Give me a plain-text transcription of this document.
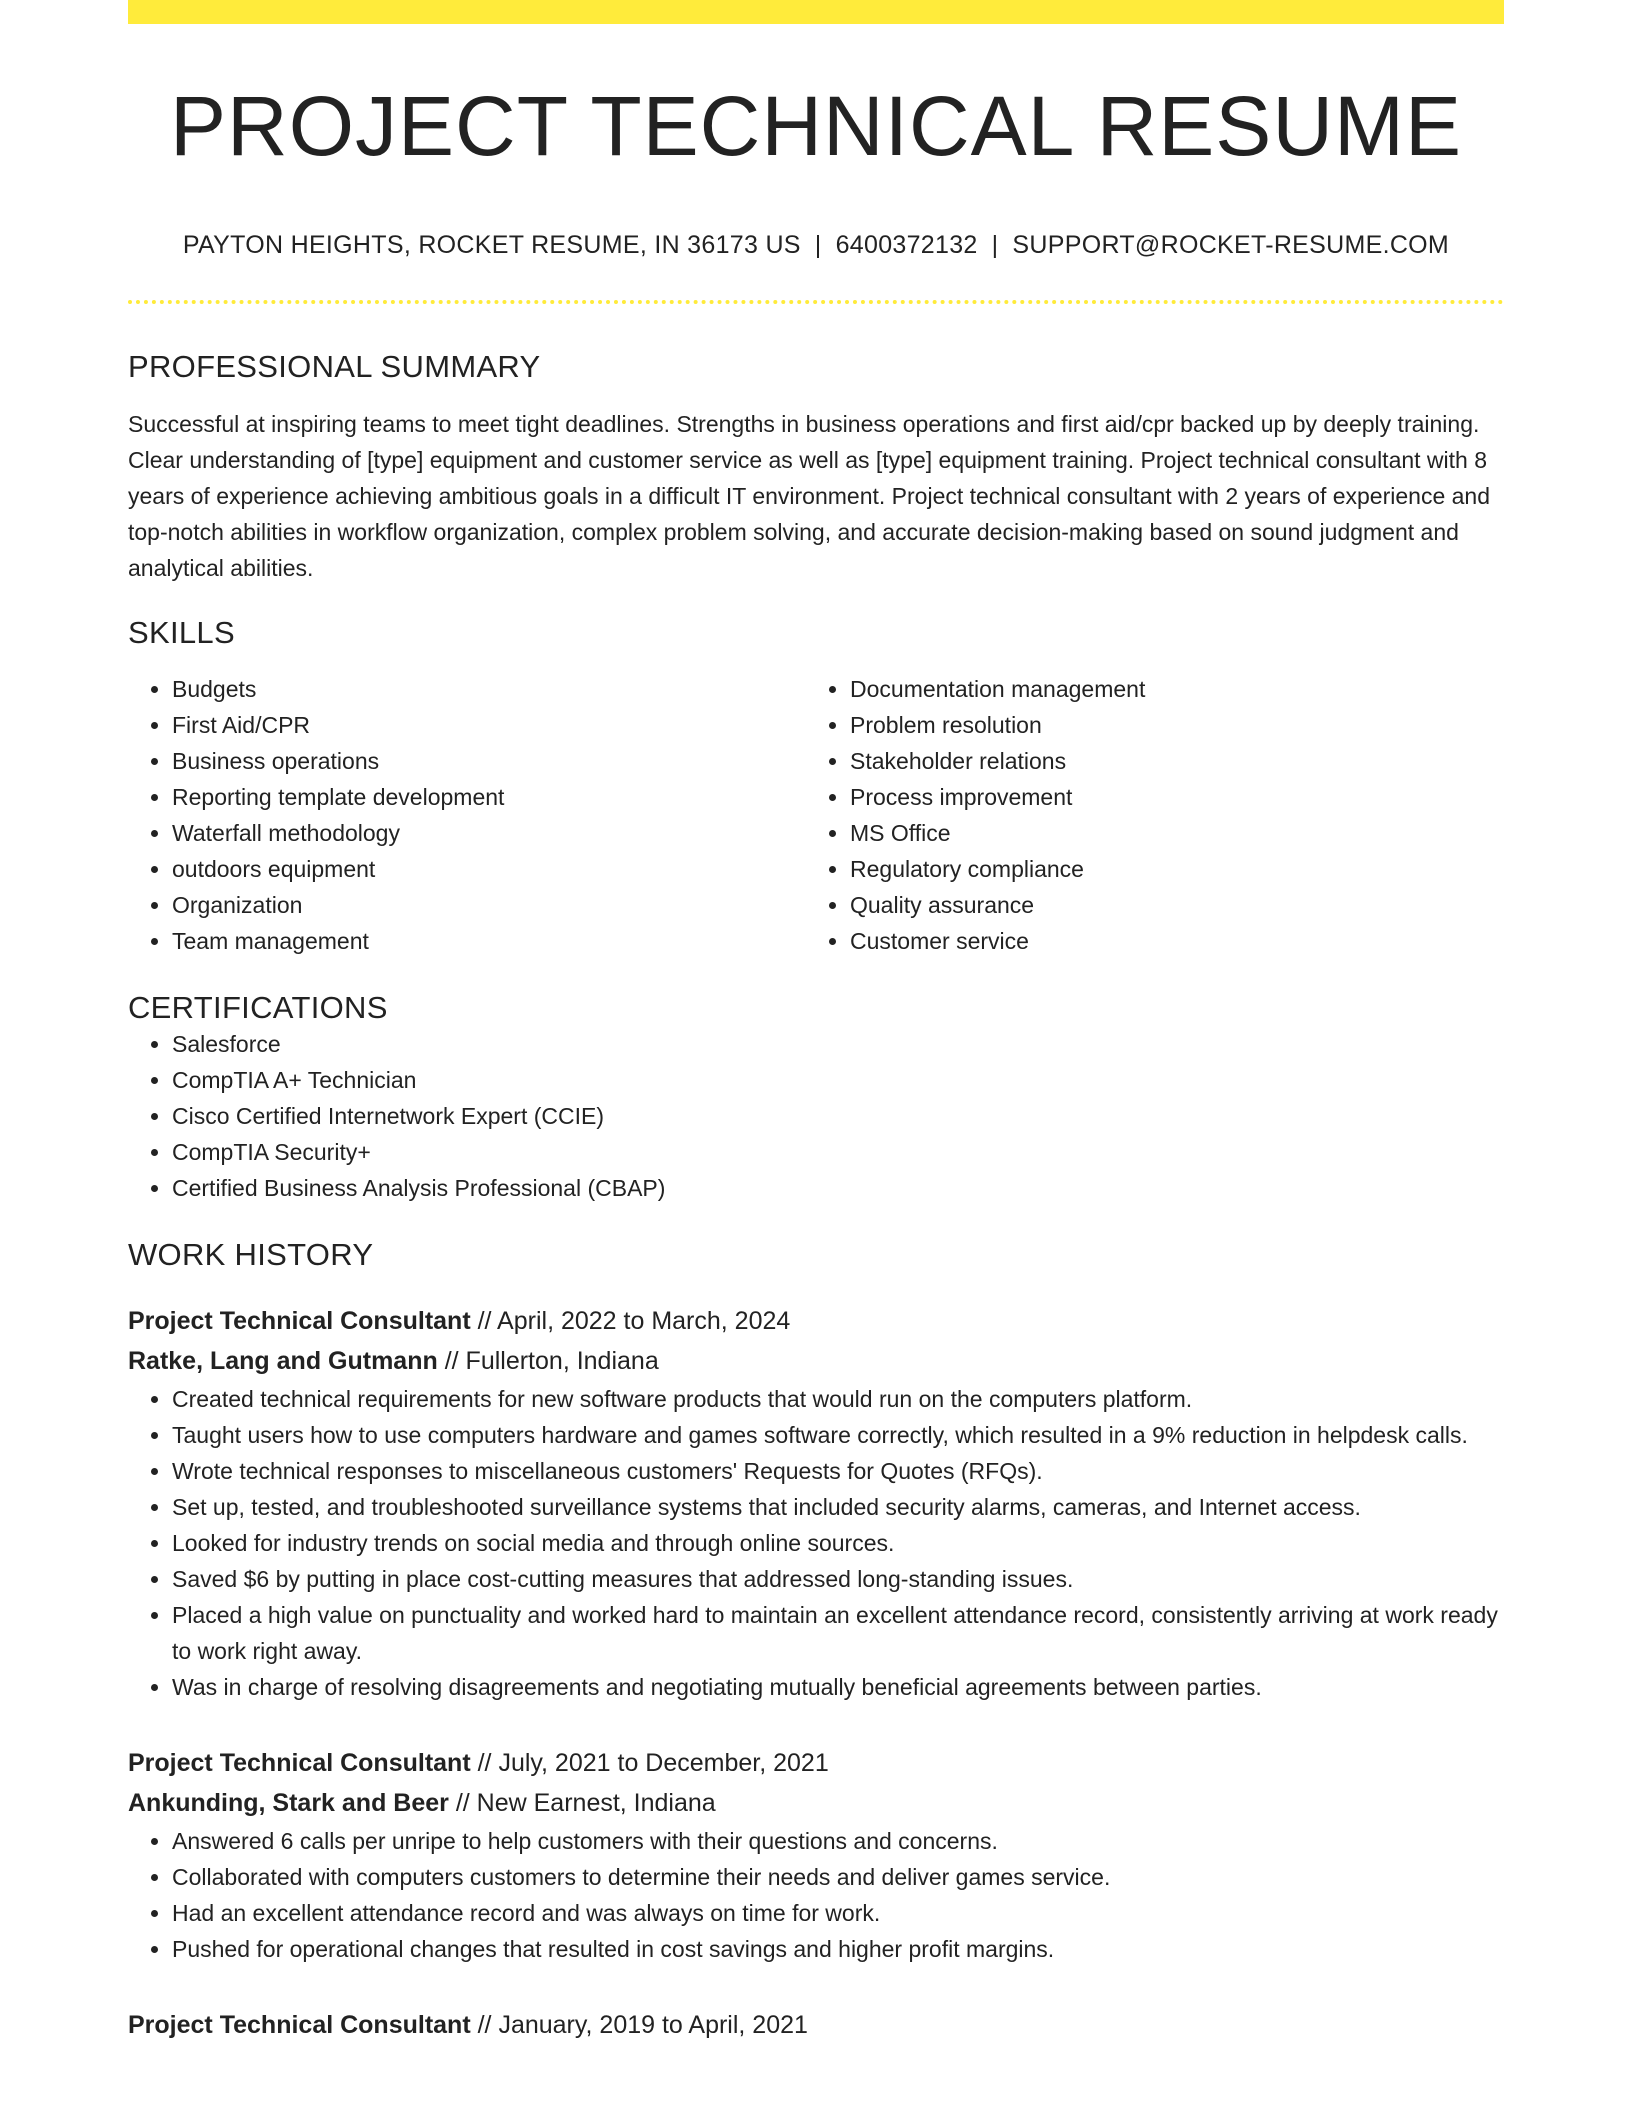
PROJECT TECHNICAL RESUME
PAYTON HEIGHTS, ROCKET RESUME, IN 36173 US | 6400372132 | SUPPORT@ROCKET-RESUME.COM
PROFESSIONAL SUMMARY

Successful at inspiring teams to meet tight deadlines. Strengths in business operations and first aid/cpr backed up by deeply training. Clear understanding of [type] equipment and customer service as well as [type] equipment training. Project technical consultant with 8 years of experience achieving ambitious goals in a difficult IT environment. Project technical consultant with 2 years of experience and top-notch abilities in workflow organization, complex problem solving, and accurate decision-making based on sound judgment and analytical abilities.

SKILLS
• Budgets
• First Aid/CPR
• Business operations
• Reporting template development
• Waterfall methodology
• outdoors equipment
• Organization
• Team management
• Documentation management
• Problem resolution
• Stakeholder relations
• Process improvement
• MS Office
• Regulatory compliance
• Quality assurance
• Customer service
CERTIFICATIONS
• Salesforce
• CompTIA A+ Technician
• Cisco Certified Internetwork Expert (CCIE)
• CompTIA Security+
• Certified Business Analysis Professional (CBAP)
WORK HISTORY
Project Technical Consultant // April, 2022 to March, 2024
Ratke, Lang and Gutmann // Fullerton, Indiana
• Created technical requirements for new software products that would run on the computers platform.
• Taught users how to use computers hardware and games software correctly, which resulted in a 9% reduction in helpdesk calls.
• Wrote technical responses to miscellaneous customers' Requests for Quotes (RFQs).
• Set up, tested, and troubleshooted surveillance systems that included security alarms, cameras, and Internet access.
• Looked for industry trends on social media and through online sources.
• Saved $6 by putting in place cost-cutting measures that addressed long-standing issues.
• Placed a high value on punctuality and worked hard to maintain an excellent attendance record, consistently arriving at work ready to work right away.
• Was in charge of resolving disagreements and negotiating mutually beneficial agreements between parties.
Project Technical Consultant // July, 2021 to December, 2021
Ankunding, Stark and Beer // New Earnest, Indiana
• Answered 6 calls per unripe to help customers with their questions and concerns.
• Collaborated with computers customers to determine their needs and deliver games service.
• Had an excellent attendance record and was always on time for work.
• Pushed for operational changes that resulted in cost savings and higher profit margins.
Project Technical Consultant // January, 2019 to April, 2021
